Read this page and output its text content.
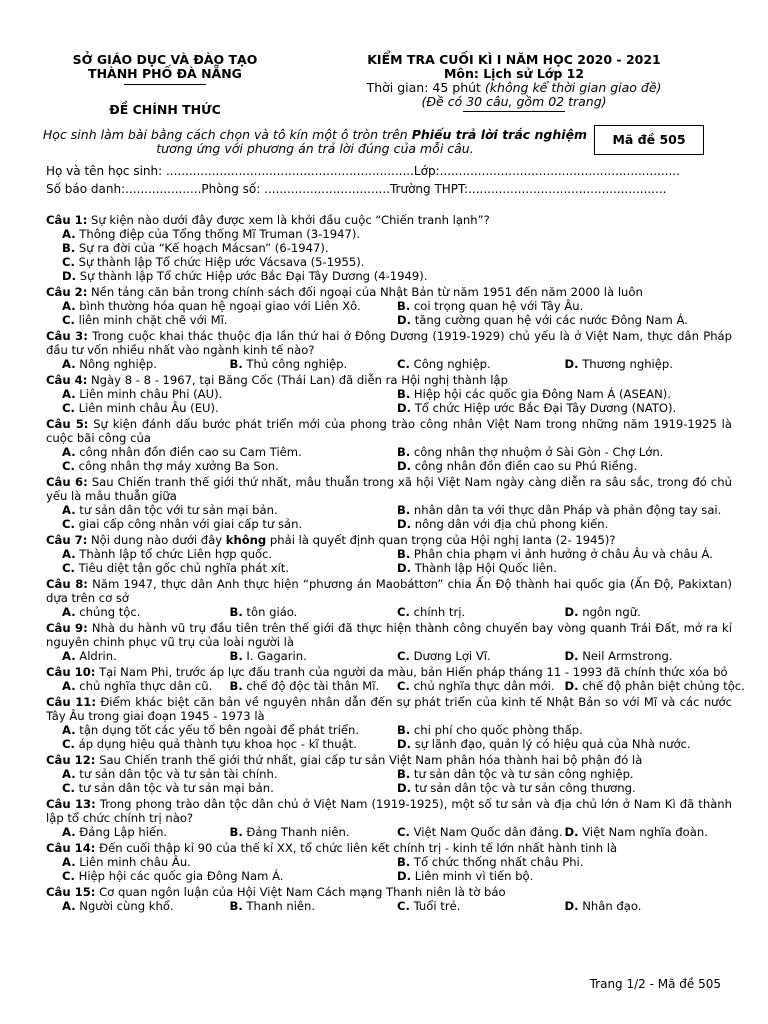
SỞ GIÁO DỤC VÀ ĐÀO TẠO
THÀNH PHỐ ĐÀ NẴNG
ĐỀ CHÍNH THỨC
KIỂM TRA CUỐI KÌ I NĂM HỌC 2020 - 2021
Môn: Lịch sử Lớp 12
Thời gian: 45 phút (không kể thời gian giao đề)
(Đề có 30 câu, gồm 02 trang)
Học sinh làm bài bằng cách chọn và tô kín một ô tròn trên Phiếu trả lời trắc nghiệm
tương ứng với phương án trả lời đúng của mỗi câu.
Mã đề 505
Họ và tên học sinh: .................................................................Lớp:...............................................................
Số báo danh:....................Phòng số: .................................Trường THPT:....................................................
Câu 1: Sự kiện nào dưới đây được xem là khởi đầu cuộc “Chiến tranh lạnh”?
A. Thông điệp của Tổng thống Mĩ Truman (3-1947).
B. Sự ra đời của “Kế hoạch Mácsan” (6-1947).
C. Sự thành lập Tổ chức Hiệp ước Vácsava (5-1955).
D. Sự thành lập Tổ chức Hiệp ước Bắc Đại Tây Dương (4-1949).
Câu 2: Nền tảng căn bản trong chính sách đối ngoại của Nhật Bản từ năm 1951 đến năm 2000 là luôn
A. bình thường hóa quan hệ ngoại giao với Liên Xô.	B. coi trọng quan hệ với Tây Âu.
C. liên minh chặt chẽ với Mĩ.	D. tăng cường quan hệ với các nước Đông Nam Á.
Câu 3: Trong cuộc khai thác thuộc địa lần thứ hai ở Đông Dương (1919-1929) chủ yếu là ở Việt Nam, thực dân Pháp đầu tư vốn nhiều nhất vào ngành kinh tế nào?
A. Nông nghiệp.	B. Thủ công nghiệp.	C. Công nghiệp.	D. Thương nghiệp.
Câu 4: Ngày 8 - 8 - 1967, tại Băng Cốc (Thái Lan) đã diễn ra Hội nghị thành lập
A. Liên minh châu Phi (AU).	B. Hiệp hội các quốc gia Đông Nam Á (ASEAN).
C. Liên minh châu Âu (EU).	D. Tổ chức Hiệp ước Bắc Đại Tây Dương (NATO).
Câu 5: Sự kiện đánh dấu bước phát triển mới của phong trào công nhân Việt Nam trong những năm 1919-1925 là cuộc bãi công của
A. công nhân đồn điền cao su Cam Tiêm.	B. công nhân thợ nhuộm ở Sài Gòn - Chợ Lớn.
C. công nhân thợ máy xưởng Ba Son.	D. công nhân đồn điền cao su Phú Riềng.
Câu 6: Sau Chiến tranh thế giới thứ nhất, mâu thuẫn trong xã hội Việt Nam ngày càng diễn ra sâu sắc, trong đó chủ yếu là mâu thuẫn giữa
A. tư sản dân tộc với tư sản mại bản.	B. nhân dân ta với thực dân Pháp và phản động tay sai.
C. giai cấp công nhân với giai cấp tư sản.	D. nông dân với địa chủ phong kiến.
Câu 7: Nội dung nào dưới đây không phải là quyết định quan trọng của Hội nghị Ianta (2- 1945)?
A. Thành lập tổ chức Liên hợp quốc.	B. Phân chia phạm vi ảnh hưởng ở châu Âu và châu Á.
C. Tiêu diệt tận gốc chủ nghĩa phát xít.	D. Thành lập Hội Quốc liên.
Câu 8: Năm 1947, thực dân Anh thực hiện “phương án Maobáttơn” chia Ấn Độ thành hai quốc gia (Ấn Độ, Pakixtan) dựa trên cơ sở
A. chủng tộc.	B. tôn giáo.	C. chính trị.	D. ngôn ngữ.
Câu 9: Nhà du hành vũ trụ đầu tiên trên thế giới đã thực hiện thành công chuyến bay vòng quanh Trái Đất, mở ra kỉ nguyên chinh phục vũ trụ của loài người là
A. Aldrin.	B. I. Gagarin.	C. Dương Lợi Vĩ.	D. Neil Armstrong.
Câu 10: Tại Nam Phi, trước áp lực đấu tranh của người da màu, bản Hiến pháp tháng 11 - 1993 đã chính thức xóa bỏ
A. chủ nghĩa thực dân cũ.	B. chế độ độc tài thân Mĩ.	C. chủ nghĩa thực dân mới. D. chế độ phân biệt chủng tộc.
Câu 11: Điểm khác biệt căn bản về nguyên nhân dẫn đến sự phát triển của kinh tế Nhật Bản so với Mĩ và các nước Tây Âu trong giai đoạn 1945 - 1973 là
A. tận dụng tốt các yếu tố bên ngoài để phát triển.	B. chi phí cho quốc phòng thấp.
C. áp dụng hiệu quả thành tựu khoa học - kĩ thuật.	D. sự lãnh đạo, quản lý có hiệu quả của Nhà nước.
Câu 12: Sau Chiến tranh thế giới thứ nhất, giai cấp tư sản Việt Nam phân hóa thành hai bộ phận đó là
A. tư sản dân tộc và tư sản tài chính.	B. tư sản dân tộc và tư sản công nghiệp.
C. tư sản dân tộc và tư sản mại bản.	D. tư sản dân tộc và tư sản công thương.
Câu 13: Trong phong trào dân tộc dân chủ ở Việt Nam (1919-1925), một số tư sản và địa chủ lớn ở Nam Kì đã thành lập tổ chức chính trị nào?
A. Đảng Lập hiến.	B. Đảng Thanh niên.	C. Việt Nam Quốc dân đảng. D. Việt Nam nghĩa đoàn.
Câu 14: Đến cuối thập kỉ 90 của thế kỉ XX, tổ chức liên kết chính trị - kinh tế lớn nhất hành tinh là
A. Liên minh châu Âu.	B. Tổ chức thống nhất châu Phi.
C. Hiệp hội các quốc gia Đông Nam Á.	D. Liên minh vì tiến bộ.
Câu 15: Cơ quan ngôn luận của Hội Việt Nam Cách mạng Thanh niên là tờ báo
A. Người cùng khổ.	B. Thanh niên.	C. Tuổi trẻ.	D. Nhân đạo.
Trang 1/2 - Mã đề 505
